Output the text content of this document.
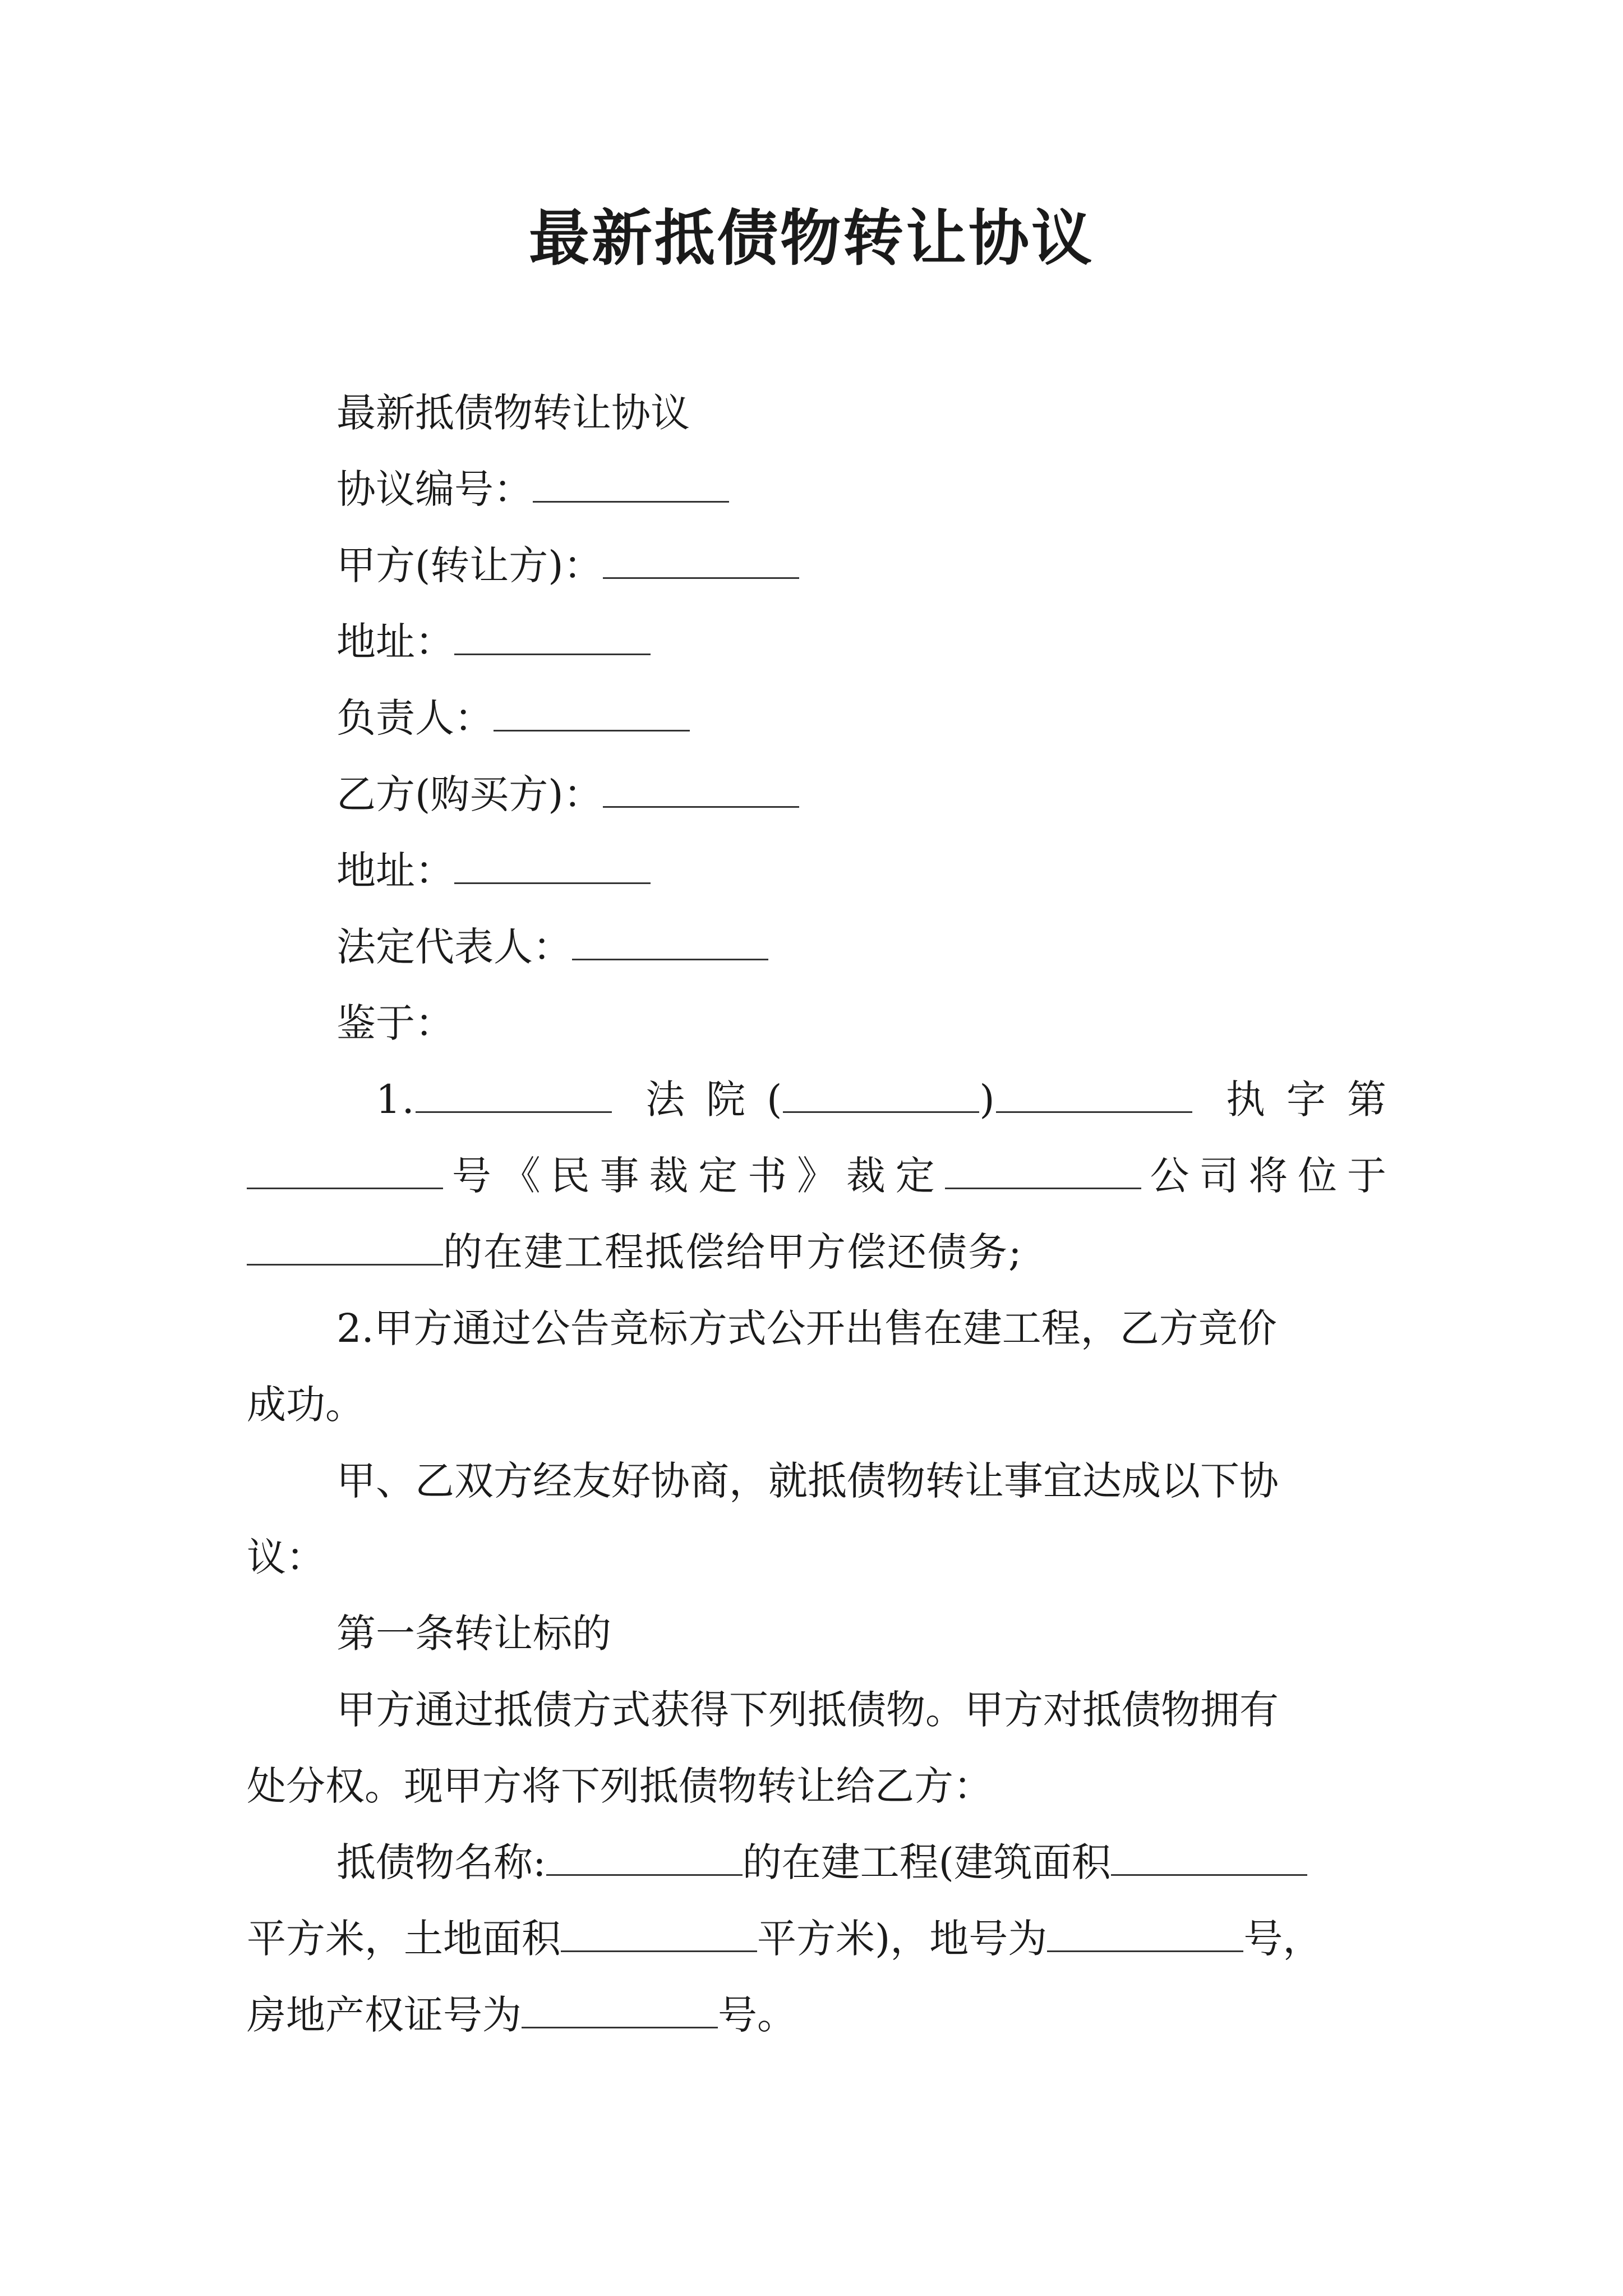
最新抵债物转让协议

最新抵债物转让协议

协议编号：

甲方(转让方)：

地址：

负责人：

乙方(购买方)：

地址：

法定代表人：

鉴于：

1.	法院(	)	执字第

号《民事裁定书》裁定	公司将位于

的在建工程抵偿给甲方偿还债务;

2.甲方通过公告竞标方式公开出售在建工程，乙方竞价

成功。

甲、乙双方经友好协商，就抵债物转让事宜达成以下协

议：

第一条转让标的

甲方通过抵债方式获得下列抵债物。甲方对抵债物拥有

处分权。现甲方将下列抵债物转让给乙方：

抵债物名称:	的在建工程(建筑面积

平方米，土地面积	平方米)，地号为	号，

房地产权证号为	号。
